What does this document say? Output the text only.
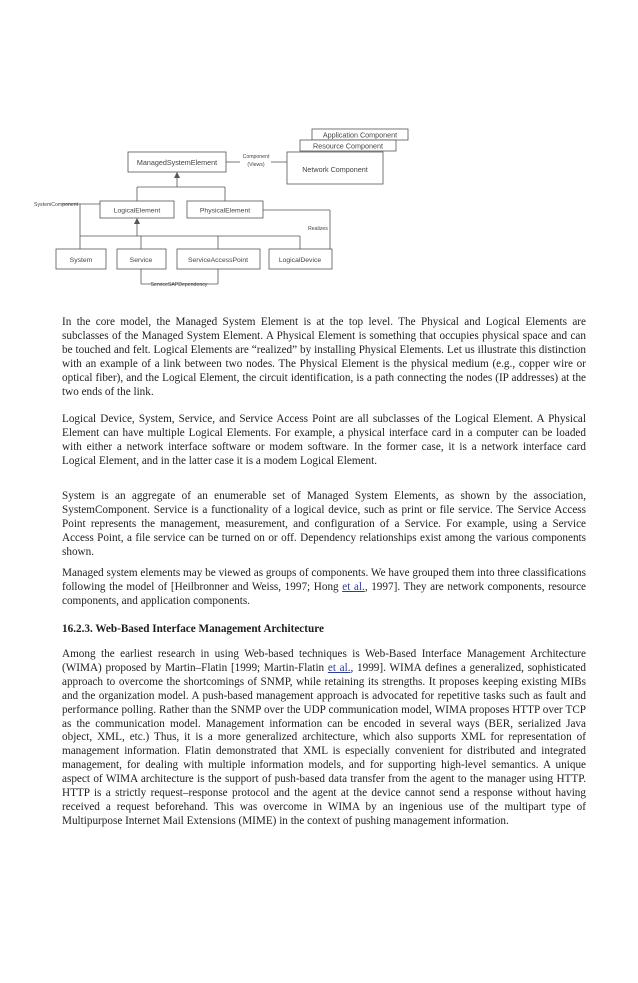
Application Component
Resource Component
Network Component
ManagedSystemElement
Component
(Views)
SystemComponent
LogicalElement	PhysicalElement
Realizes
System	Service	ServiceAccessPoint	LogicalDevice
ServiceSAPDependency

In the core model, the Managed System Element is at the top level. The Physical and Logical Elements are subclasses of the Managed System Element. A Physical Element is something that occupies physical space and can be touched and felt. Logical Elements are “realized” by installing Physical Elements. Let us illustrate this distinction with an example of a link between two nodes. The Physical Element is the physical medium (e.g., copper wire or optical fiber), and the Logical Element, the circuit identification, is a path connecting the nodes (IP addresses) at the two ends of the link.

Logical Device, System, Service, and Service Access Point are all subclasses of the Logical Element. A Physical Element can have multiple Logical Elements. For example, a physical interface card in a computer can be loaded with either a network interface software or modem software. In the former case, it is a network interface card Logical Element, and in the latter case it is a modem Logical Element.

System is an aggregate of an enumerable set of Managed System Elements, as shown by the association, SystemComponent. Service is a functionality of a logical device, such as print or file service. The Service Access Point represents the management, measurement, and configuration of a Service. For example, using a Service Access Point, a file service can be turned on or off. Dependency relationships exist among the various components shown.

Managed system elements may be viewed as groups of components. We have grouped them into three classifications following the model of [Heilbronner and Weiss, 1997; Hong et al., 1997]. They are network components, resource components, and application components.

16.2.3. Web-Based Interface Management Architecture

Among the earliest research in using Web-based techniques is Web-Based Interface Management Architecture (WIMA) proposed by Martin–Flatin [1999; Martin-Flatin et al., 1999]. WIMA defines a generalized, sophisticated approach to overcome the shortcomings of SNMP, while retaining its strengths. It proposes keeping existing MIBs and the organization model. A push-based management approach is advocated for repetitive tasks such as fault and performance polling. Rather than the SNMP over the UDP communication model, WIMA proposes HTTP over TCP as the communication model. Management information can be encoded in several ways (BER, serialized Java object, XML, etc.) Thus, it is a more generalized architecture, which also supports XML for representation of management information. Flatin demonstrated that XML is especially convenient for distributed and integrated management, for dealing with multiple information models, and for supporting high-level semantics. A unique aspect of WIMA architecture is the support of push-based data transfer from the agent to the manager using HTTP. HTTP is a strictly request–response protocol and the agent at the device cannot send a response without having received a request beforehand. This was overcome in WIMA by an ingenious use of the multipart type of Multipurpose Internet Mail Extensions (MIME) in the context of pushing management information.
